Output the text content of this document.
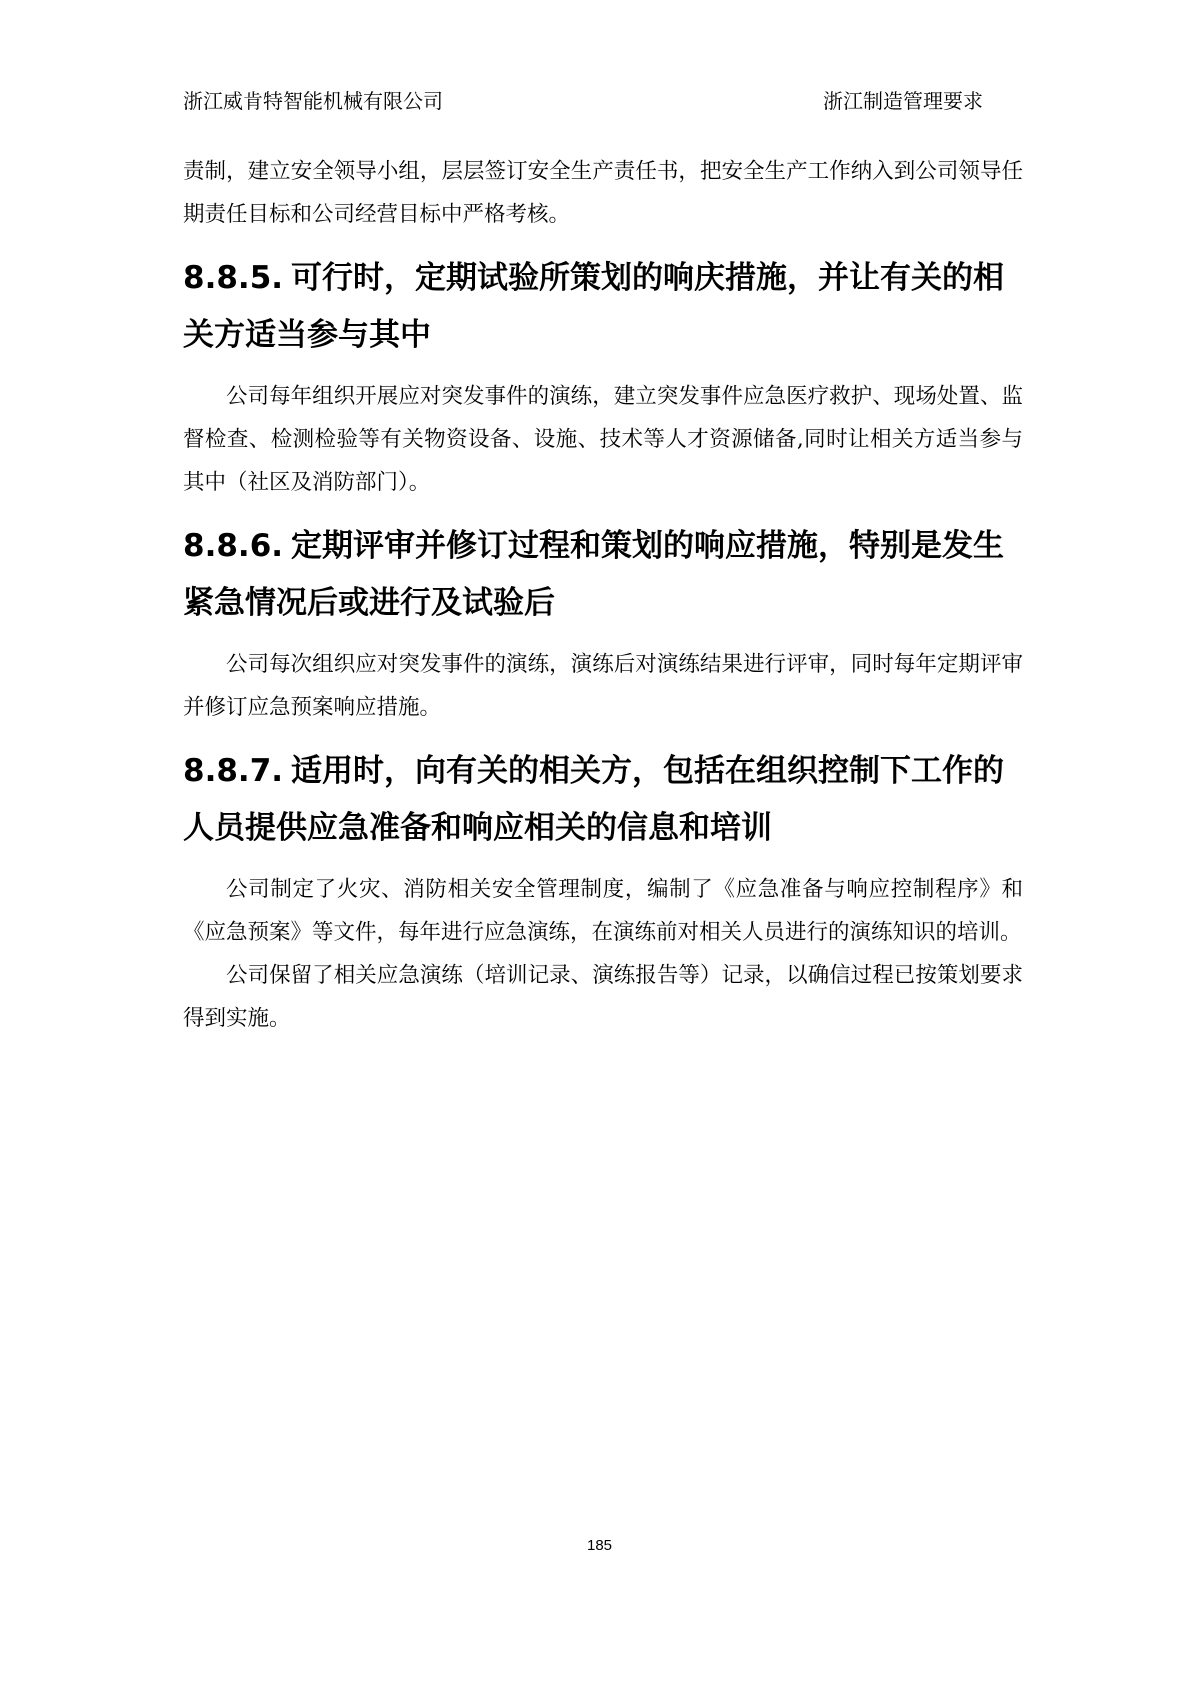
浙江威肯特智能机械有限公司	浙江制造管理要求

责制，建立安全领导小组，层层签订安全生产责任书，把安全生产工作纳入到公司领导任期责任目标和公司经营目标中严格考核。

8.8.5. 可行时，定期试验所策划的响庆措施，并让有关的相关方适当参与其中

公司每年组织开展应对突发事件的演练，建立突发事件应急医疗救护、现场处置、监督检查、检测检验等有关物资设备、设施、技术等人才资源储备,同时让相关方适当参与其中（社区及消防部门）。

8.8.6. 定期评审并修订过程和策划的响应措施，特别是发生紧急情况后或进行及试验后

公司每次组织应对突发事件的演练，演练后对演练结果进行评审，同时每年定期评审并修订应急预案响应措施。

8.8.7. 适用时，向有关的相关方，包括在组织控制下工作的人员提供应急准备和响应相关的信息和培训

公司制定了火灾、消防相关安全管理制度，编制了《应急准备与响应控制程序》和《应急预案》等文件，每年进行应急演练，在演练前对相关人员进行的演练知识的培训。

公司保留了相关应急演练（培训记录、演练报告等）记录，以确信过程已按策划要求得到实施。

185
